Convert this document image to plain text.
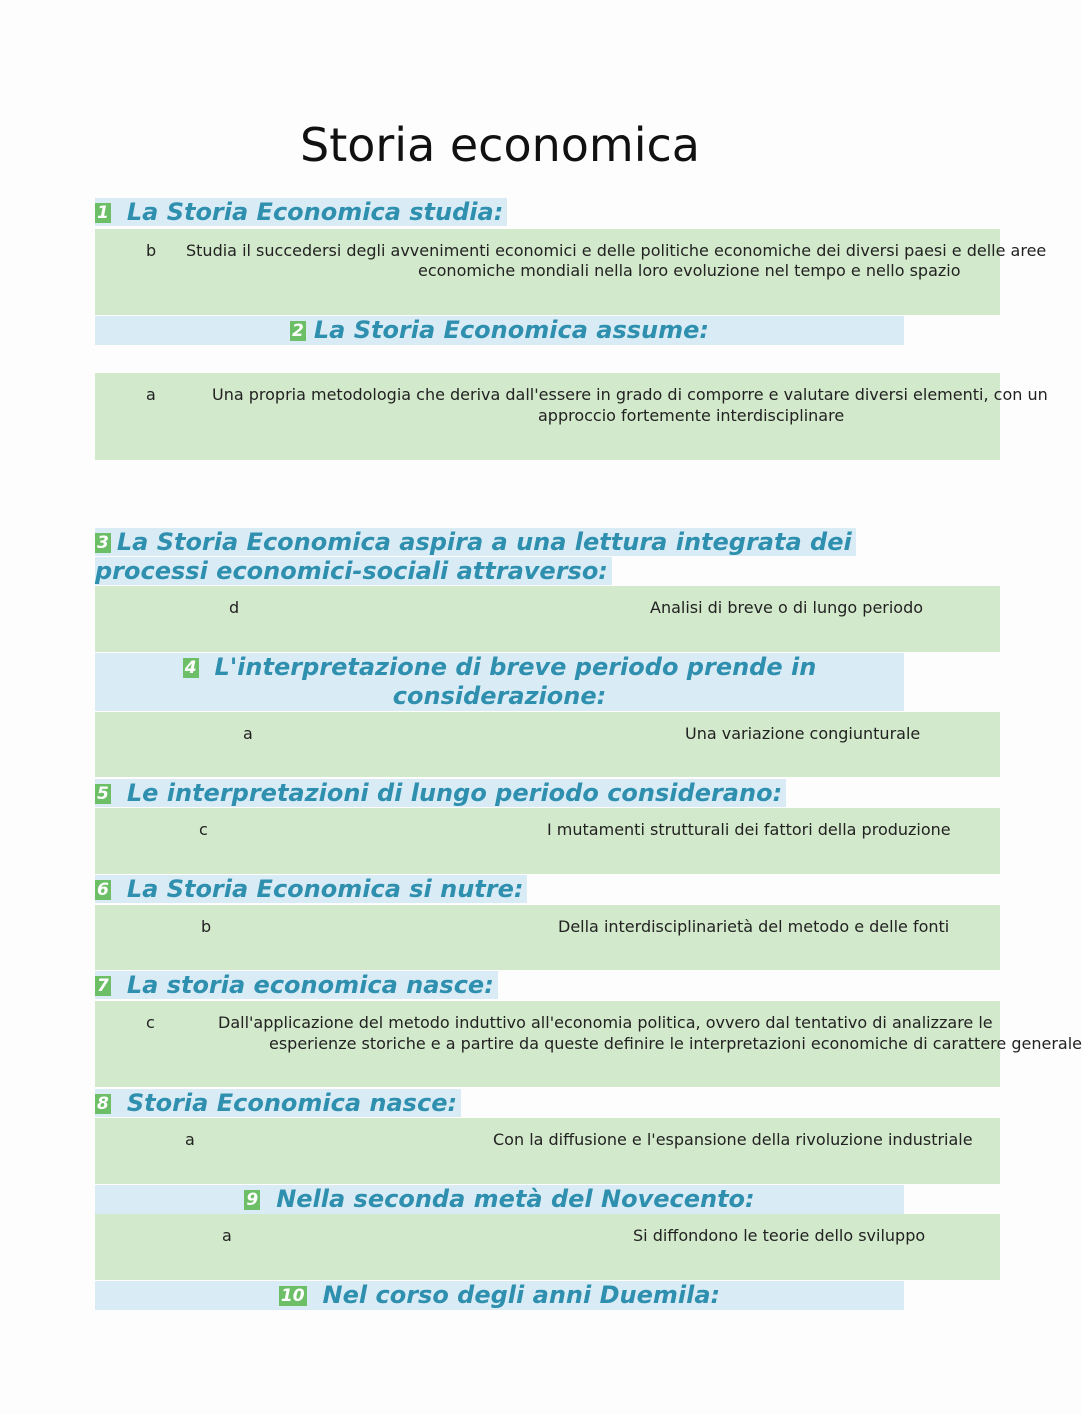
Storia economica
1 La Storia Economica studia:
b Studia il succedersi degli avvenimenti economici e delle politiche economiche dei diversi paesi e delle aree
economiche mondiali nella loro evoluzione nel tempo e nello spazio
2 La Storia Economica assume:
a	Una propria metodologia che deriva dall'essere in grado di comporre e valutare diversi elementi, con un
approccio fortemente interdisciplinare
3 La Storia Economica aspira a una lettura integrata dei
processi economici-sociali attraverso:
d	Analisi di breve o di lungo periodo
4 L'interpretazione di breve periodo prende in
considerazione:
a	Una variazione congiunturale
5 Le interpretazioni di lungo periodo considerano:
c	I mutamenti strutturali dei fattori della produzione
6 La Storia Economica si nutre:
b	Della interdisciplinarietà del metodo e delle fonti
7 La storia economica nasce:
c	Dall'applicazione del metodo induttivo all'economia politica, ovvero dal tentativo di analizzare le
esperienze storiche e a partire da queste definire le interpretazioni economiche di carattere generale
8 Storia Economica nasce:
a	Con la diffusione e l'espansione della rivoluzione industriale
9 Nella seconda metà del Novecento:
a	Si diffondono le teorie dello sviluppo
10 Nel corso degli anni Duemila:
